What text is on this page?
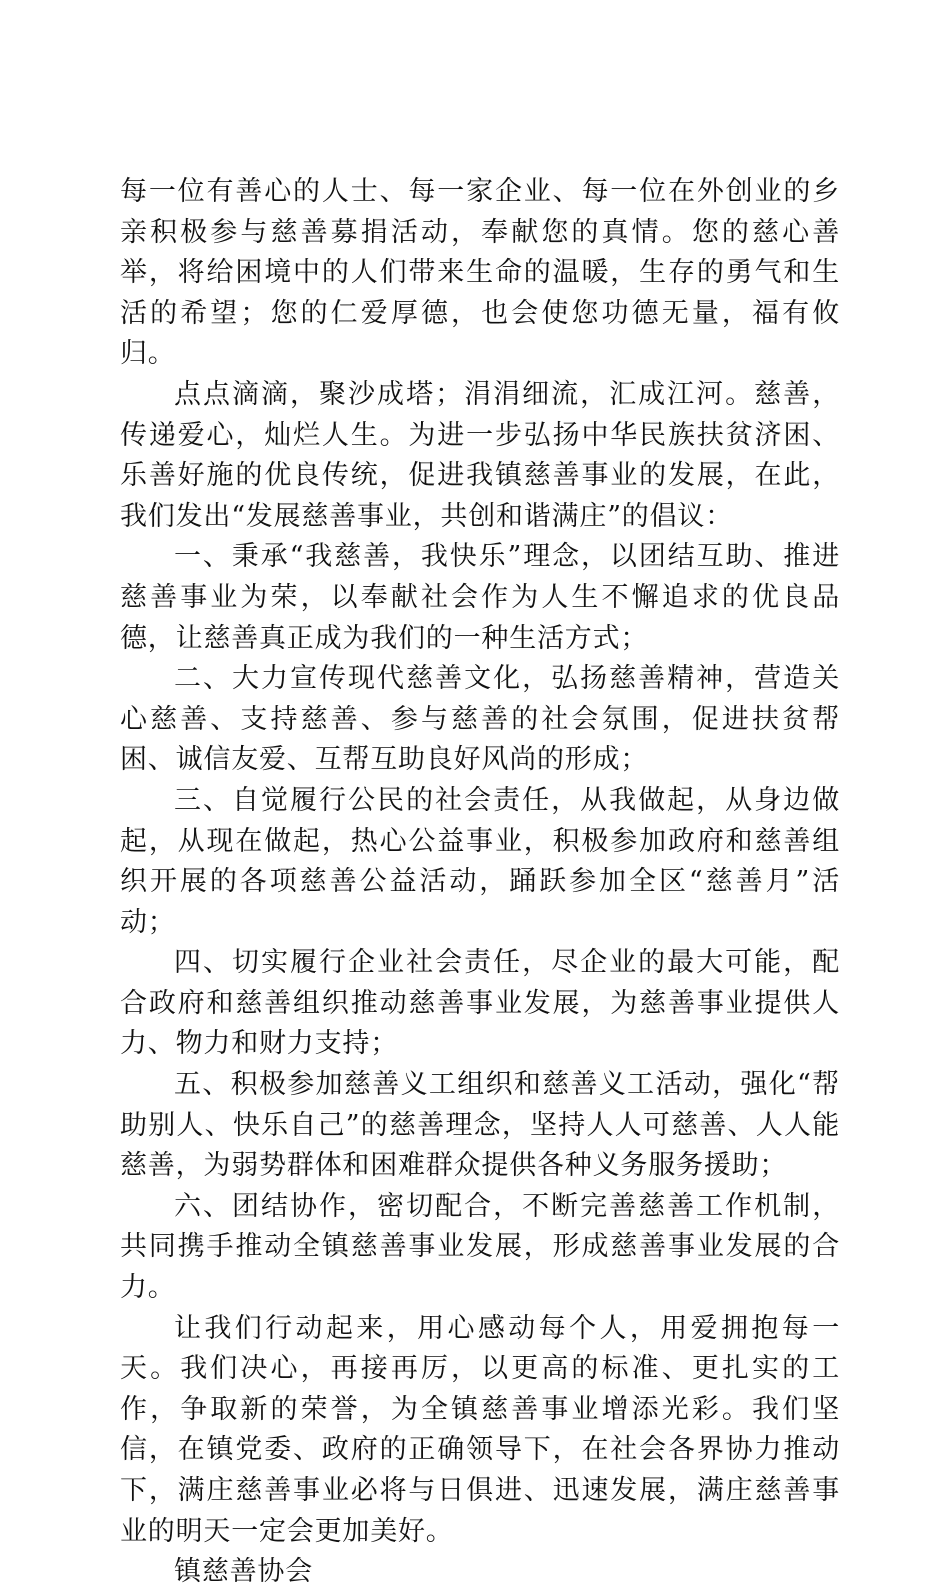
每一位有善心的人士、每一家企业、每一位在外创业的乡亲积极参与慈善募捐活动，奉献您的真情。您的慈心善举，将给困境中的人们带来生命的温暖，生存的勇气和生活的希望；您的仁爱厚德，也会使您功德无量，福有攸归。

点点滴滴，聚沙成塔；涓涓细流，汇成江河。慈善，传递爱心，灿烂人生。为进一步弘扬中华民族扶贫济困、乐善好施的优良传统，促进我镇慈善事业的发展，在此，我们发出“发展慈善事业，共创和谐满庄”的倡议：

一、秉承“我慈善，我快乐”理念，以团结互助、推进慈善事业为荣，以奉献社会作为人生不懈追求的优良品德，让慈善真正成为我们的一种生活方式；

二、大力宣传现代慈善文化，弘扬慈善精神，营造关心慈善、支持慈善、参与慈善的社会氛围，促进扶贫帮困、诚信友爱、互帮互助良好风尚的形成；

三、自觉履行公民的社会责任，从我做起，从身边做起，从现在做起，热心公益事业，积极参加政府和慈善组织开展的各项慈善公益活动，踊跃参加全区“慈善月”活动；

四、切实履行企业社会责任，尽企业的最大可能，配合政府和慈善组织推动慈善事业发展，为慈善事业提供人力、物力和财力支持；

五、积极参加慈善义工组织和慈善义工活动，强化“帮助别人、快乐自己”的慈善理念，坚持人人可慈善、人人能慈善，为弱势群体和困难群众提供各种义务服务援助；

六、团结协作，密切配合，不断完善慈善工作机制，共同携手推动全镇慈善事业发展，形成慈善事业发展的合力。

让我们行动起来，用心感动每个人，用爱拥抱每一天。我们决心，再接再厉，以更高的标准、更扎实的工作，争取新的荣誉，为全镇慈善事业增添光彩。我们坚信，在镇党委、政府的正确领导下，在社会各界协力推动下，满庄慈善事业必将与日俱进、迅速发展，满庄慈善事业的明天一定会更加美好。

镇慈善协会
